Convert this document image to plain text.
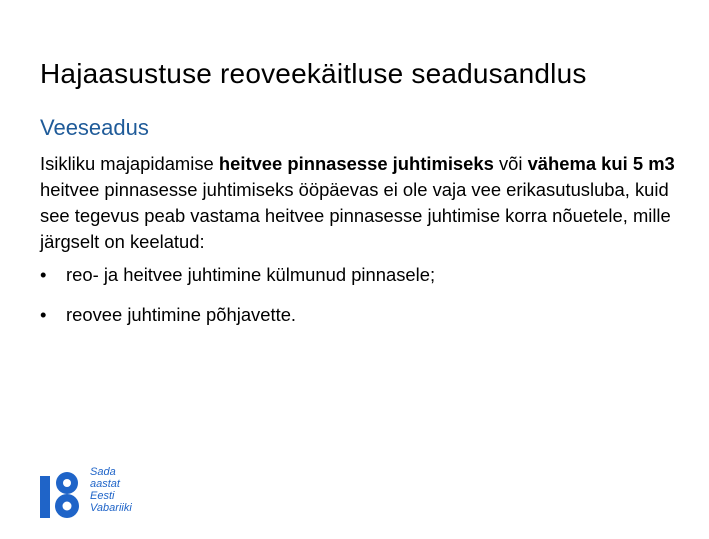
Hajaasustuse reoveekäitluse seadusandlus
Veeseadus
Isikliku majapidamise heitvee pinnasesse juhtimiseks või vähema kui 5 m3 heitvee pinnasesse juhtimiseks ööpäevas ei ole vaja vee erikasutusluba, kuid see tegevus peab vastama heitvee pinnasesse juhtimise korra nõuetele, mille järgselt on keelatud:
•	reo- ja heitvee juhtimine külmunud pinnasele;
•	reovee juhtimine põhjavette.
Sada
aastat
Eesti
Vabariiki
